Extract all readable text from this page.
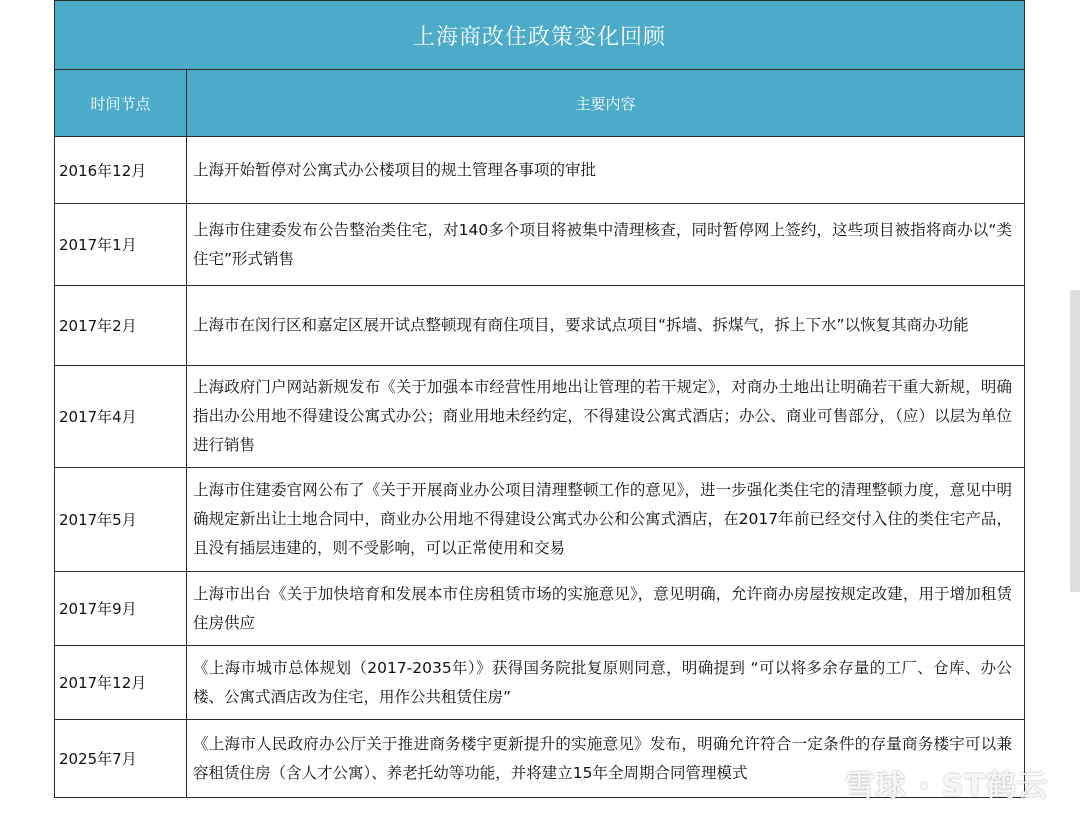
上海商改住政策变化回顾	
时间节点	主要内容
2016年12月	上海开始暂停对公寓式办公楼项目的规土管理各事项的审批
2017年1月	上海市住建委发布公告整治类住宅，对140多个项目将被集中清理核查，同时暂停网上签约，这些项目被指将商办以“类住宅”形式销售
2017年2月	上海市在闵行区和嘉定区展开试点整顿现有商住项目，要求试点项目“拆墙、拆煤气，拆上下水”以恢复其商办功能
2017年4月	上海政府门户网站新规发布《关于加强本市经营性用地出让管理的若干规定》，对商办土地出让明确若干重大新规，明确指出办公用地不得建设公寓式办公；商业用地未经约定，不得建设公寓式酒店；办公、商业可售部分，（应）以层为单位进行销售
2017年5月	上海市住建委官网公布了《关于开展商业办公项目清理整顿工作的意见》，进一步强化类住宅的清理整顿力度，意见中明确规定新出让土地合同中，商业办公用地不得建设公寓式办公和公寓式酒店，在2017年前已经交付入住的类住宅产品，且没有插层违建的，则不受影响，可以正常使用和交易
2017年9月	上海市出台《关于加快培育和发展本市住房租赁市场的实施意见》，意见明确，允许商办房屋按规定改建，用于增加租赁住房供应
2017年12月	《上海市城市总体规划（2017-2035年）》获得国务院批复原则同意，明确提到 “可以将多余存量的工厂、仓库、办公楼、公寓式酒店改为住宅，用作公共租赁住房”
2025年7月	《上海市人民政府办公厅关于推进商务楼宇更新提升的实施意见》发布，明确允许符合一定条件的存量商务楼宇可以兼容租赁住房（含人才公寓）、养老托幼等功能，并将建立15年全周期合同管理模式	雪球 · ST鹤云
